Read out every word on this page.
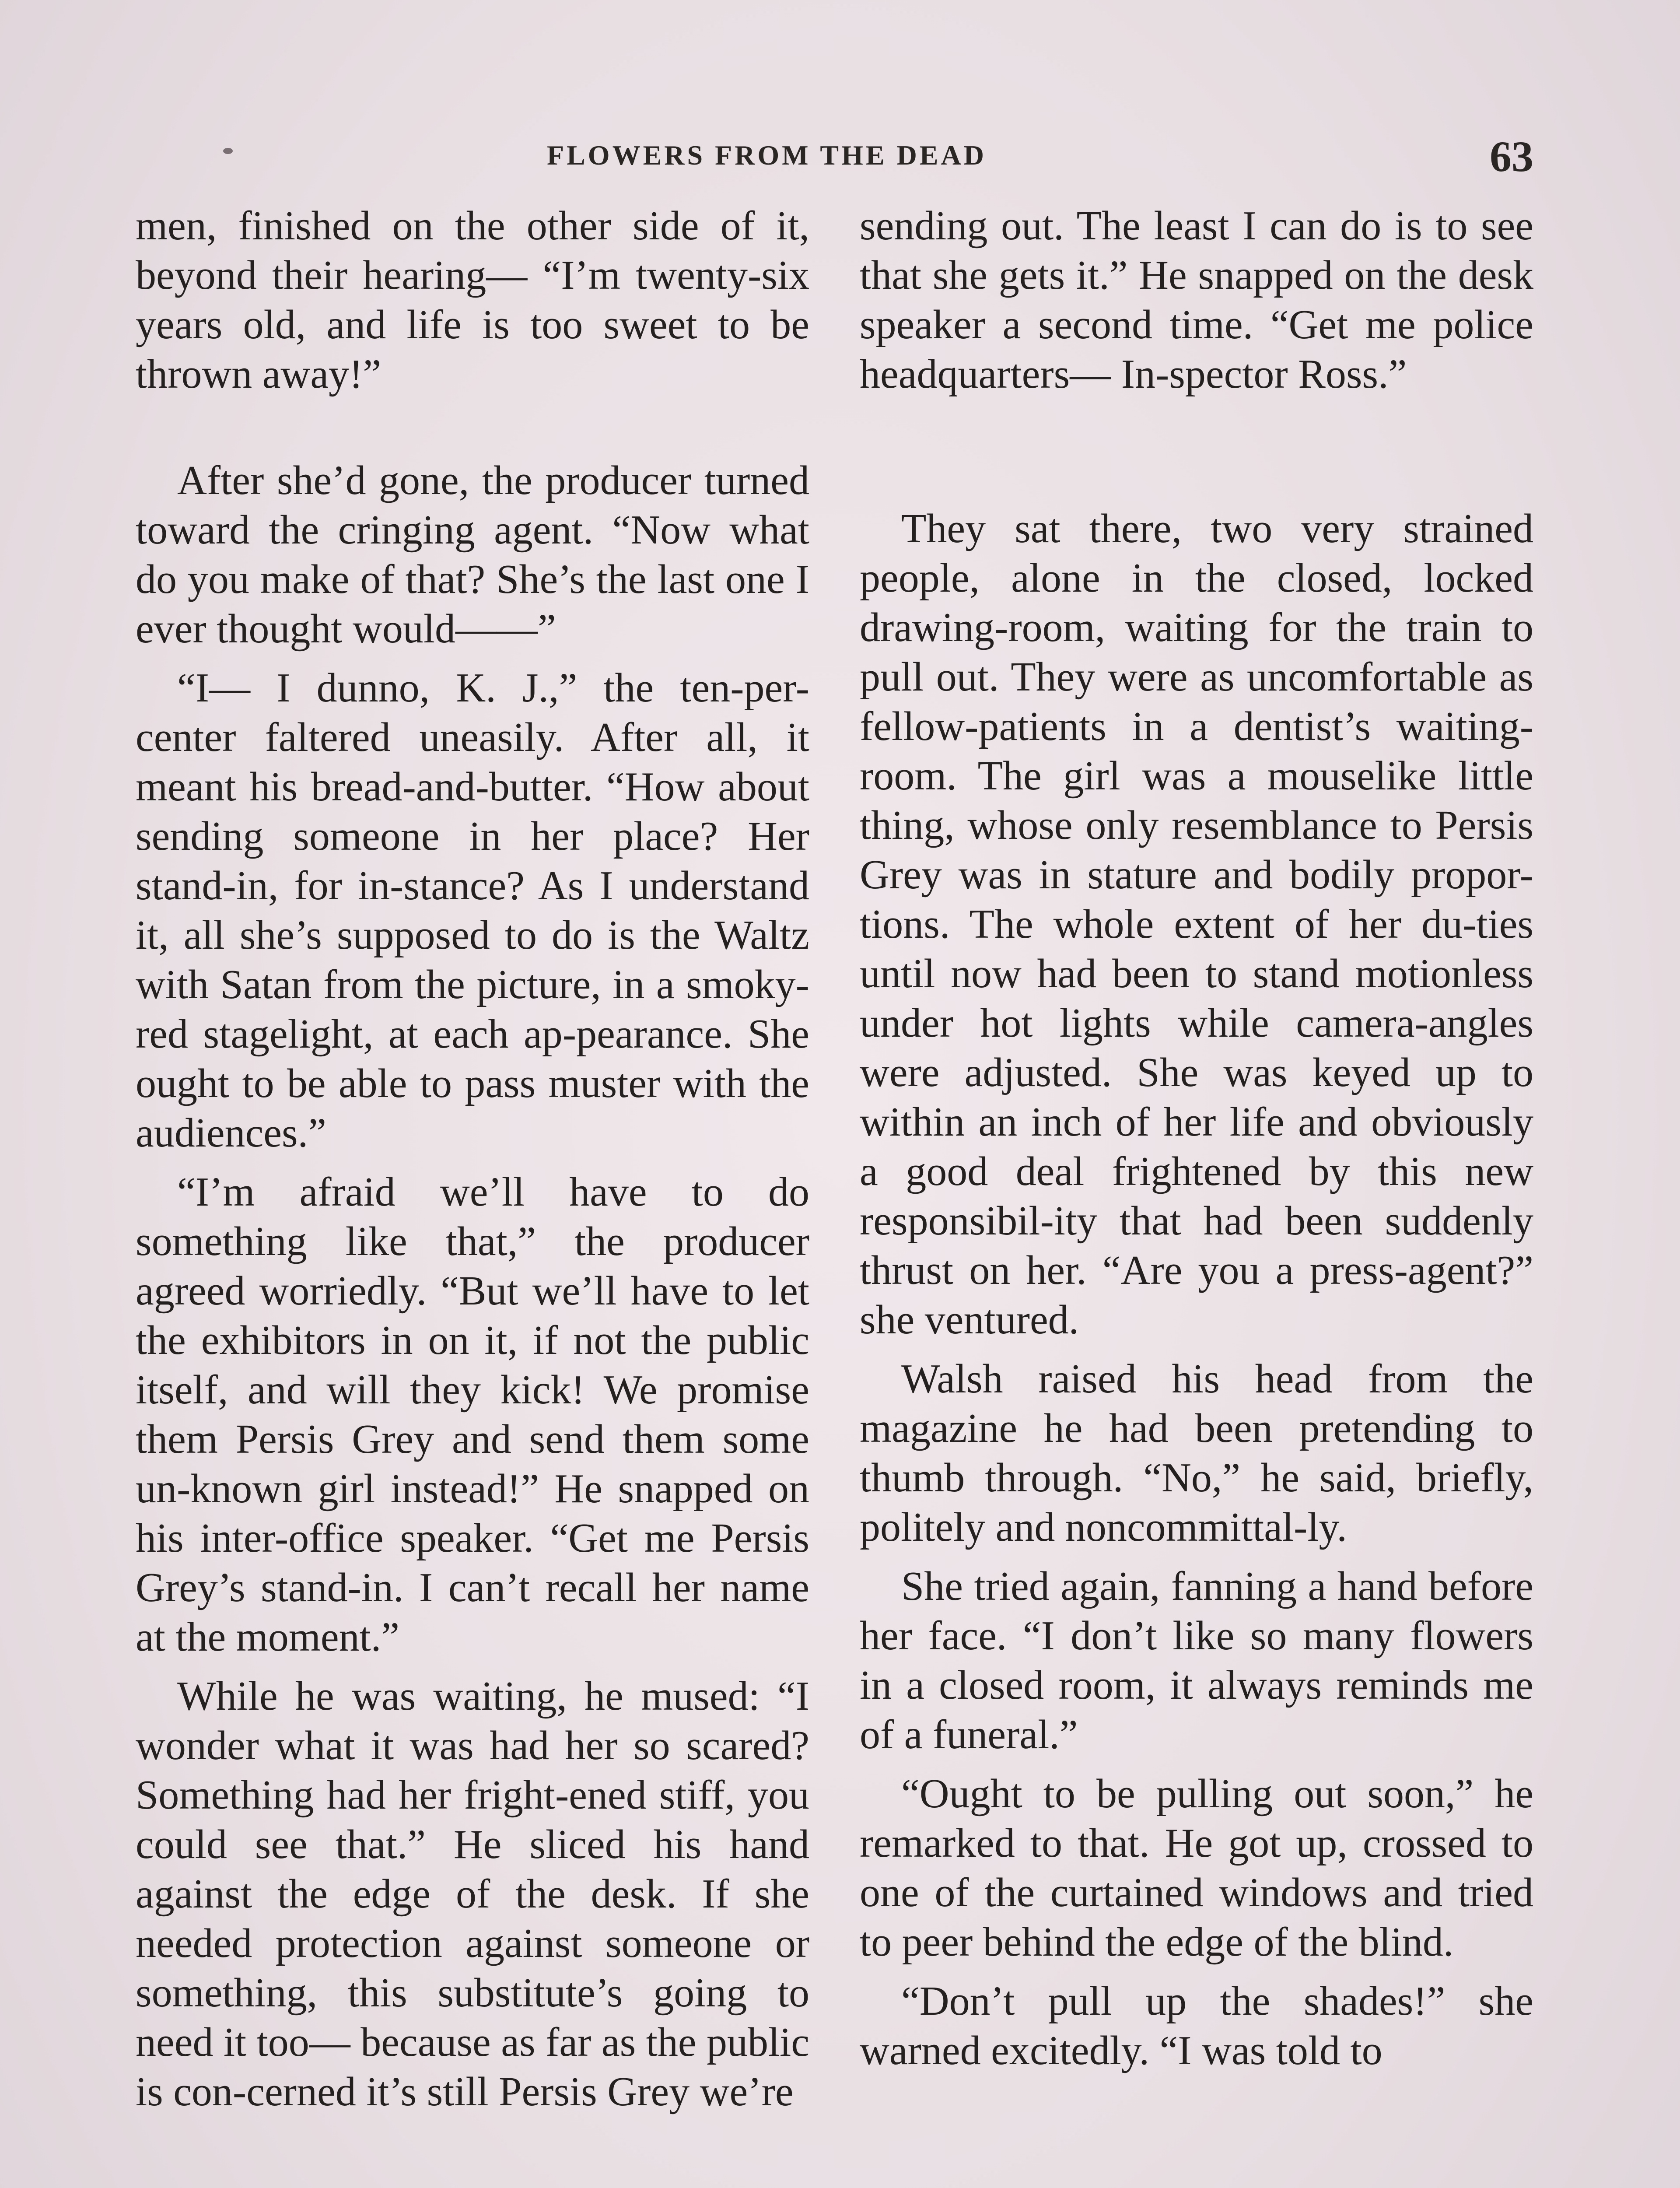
FLOWERS FROM THE DEAD	63

men, finished on the other side of it, beyond their hearing— “I’m twenty-six years old, and life is too sweet to be thrown away!”

After she’d gone, the producer turned toward the cringing agent. “Now what do you make of that? She’s the last one I ever thought would——”

“I— I dunno, K. J.,” the ten-per-center faltered uneasily. After all, it meant his bread-and-butter. “How about sending someone in her place? Her stand-in, for in-stance? As I understand it, all she’s supposed to do is the Waltz with Satan from the picture, in a smoky-red stagelight, at each ap-pearance. She ought to be able to pass muster with the audiences.”

“I’m afraid we’ll have to do something like that,” the producer agreed worriedly. “But we’ll have to let the exhibitors in on it, if not the public itself, and will they kick! We promise them Persis Grey and send them some un-known girl instead!” He snapped on his inter-office speaker. “Get me Persis Grey’s stand-in. I can’t recall her name at the moment.”

While he was waiting, he mused: “I wonder what it was had her so scared? Something had her fright-ened stiff, you could see that.” He sliced his hand against the edge of the desk. If she needed protection against someone or something, this substitute’s going to need it too— because as far as the public is con-cerned it’s still Persis Grey we’re

sending out. The least I can do is to see that she gets it.” He snapped on the desk speaker a second time. “Get me police headquarters— In-spector Ross.”

They sat there, two very strained people, alone in the closed, locked drawing-room, waiting for the train to pull out. They were as uncomfortable as fellow-patients in a dentist’s waiting-room. The girl was a mouselike little thing, whose only resemblance to Persis Grey was in stature and bodily propor-tions. The whole extent of her du-ties until now had been to stand motionless under hot lights while camera-angles were adjusted. She was keyed up to within an inch of her life and obviously a good deal frightened by this new responsibil-ity that had been suddenly thrust on her. “Are you a press-agent?” she ventured.

Walsh raised his head from the magazine he had been pretending to thumb through. “No,” he said, briefly, politely and noncommittal-ly.

She tried again, fanning a hand before her face. “I don’t like so many flowers in a closed room, it always reminds me of a funeral.”

“Ought to be pulling out soon,” he remarked to that. He got up, crossed to one of the curtained windows and tried to peer behind the edge of the blind.

“Don’t pull up the shades!” she warned excitedly. “I was told to
